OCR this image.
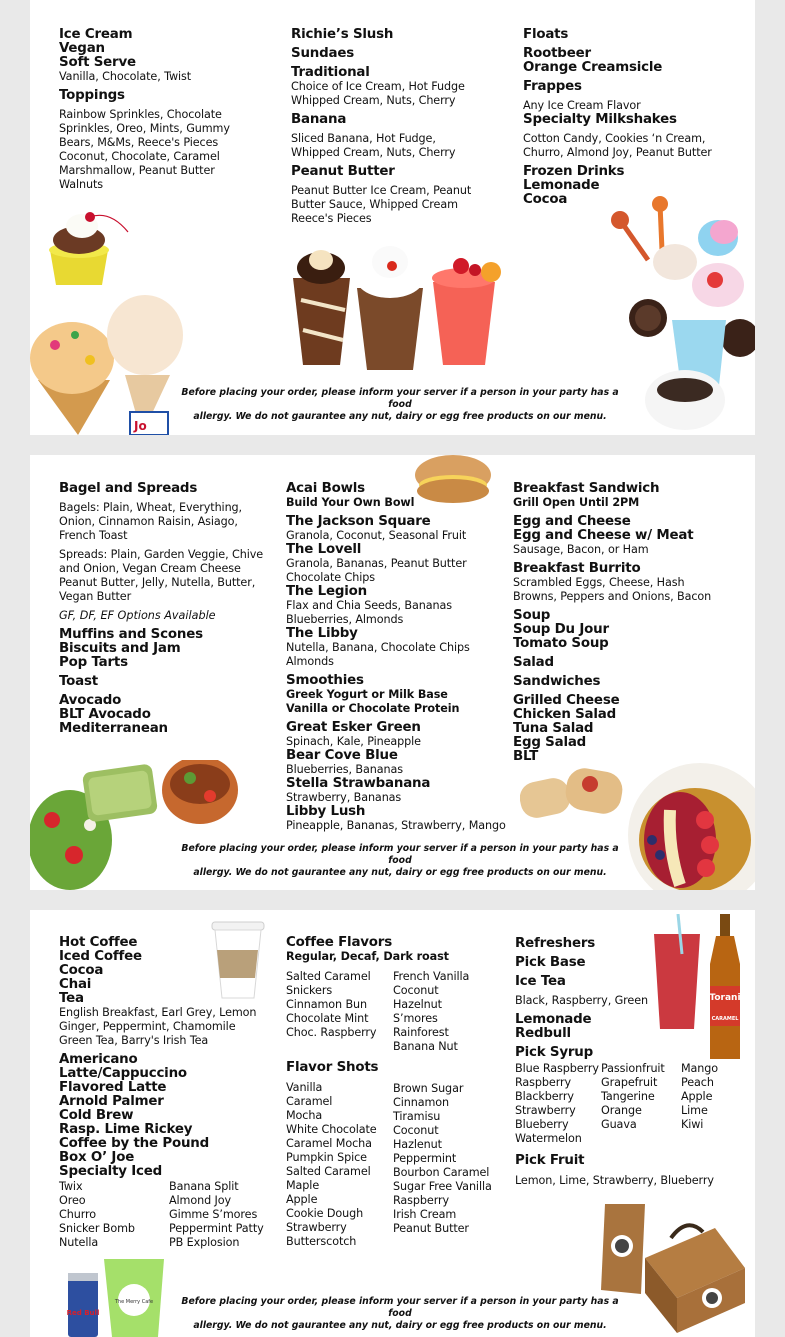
Ice Cream
Vegan
Soft Serve
Vanilla, Chocolate, Twist
Toppings
Rainbow Sprinkles, Chocolate
Sprinkles, Oreo, Mints, Gummy
Bears, M&Ms, Reece's Pieces
Coconut, Chocolate, Caramel
Marshmallow, Peanut Butter
Walnuts
Richie’s Slush
Sundaes
Traditional
Choice of Ice Cream, Hot Fudge
Whipped Cream, Nuts, Cherry
Banana
Sliced Banana, Hot Fudge,
Whipped Cream, Nuts, Cherry
Peanut Butter
Peanut Butter Ice Cream, Peanut
Butter Sauce, Whipped Cream
Reece's Pieces
Floats
Rootbeer
Orange Creamsicle
Frappes
Any Ice Cream Flavor
Specialty Milkshakes
Cotton Candy, Cookies ‘n Cream,
Churro, Almond Joy, Peanut Butter
Frozen Drinks
Lemonade
Cocoa
Jo
Before placing your order, please inform your server if a person in your party has a food
allergy. We do not gaurantee any nut, dairy or egg free products on our menu.
Bagel and Spreads
Bagels: Plain, Wheat, Everything,
Onion, Cinnamon Raisin, Asiago,
French Toast
Spreads: Plain, Garden Veggie, Chive
and Onion, Vegan Cream Cheese
Peanut Butter, Jelly, Nutella, Butter,
Vegan Butter
GF, DF, EF Options Available
Muffins and Scones
Biscuits and Jam
Pop Tarts
Toast
Avocado
BLT Avocado
Mediterranean
Acai Bowls
Build Your Own Bowl
The Jackson Square
Granola, Coconut, Seasonal Fruit
The Lovell
Granola, Bananas, Peanut Butter
Chocolate Chips
The Legion
Flax and Chia Seeds, Bananas
Blueberries, Almonds
The Libby
Nutella, Banana, Chocolate Chips
Almonds
Smoothies
Greek Yogurt or Milk Base
Vanilla or Chocolate Protein
Great Esker Green
Spinach, Kale, Pineapple
Bear Cove Blue
Blueberries, Bananas
Stella Strawbanana
Strawberry, Bananas
Libby Lush
Pineapple, Bananas, Strawberry, Mango
Breakfast Sandwich
Grill Open Until 2PM
Egg and Cheese
Egg and Cheese w/ Meat
Sausage, Bacon, or Ham
Breakfast Burrito
Scrambled Eggs, Cheese, Hash
Browns, Peppers and Onions, Bacon
Soup
Soup Du Jour
Tomato Soup
Salad
Sandwiches
Grilled Cheese
Chicken Salad
Tuna Salad
Egg Salad
BLT
Before placing your order, please inform your server if a person in your party has a food
allergy. We do not gaurantee any nut, dairy or egg free products on our menu.
Hot Coffee
Iced Coffee
Cocoa
Chai
Tea
English Breakfast, Earl Grey, Lemon
Ginger, Peppermint, Chamomile
Green Tea, Barry's Irish Tea
Americano
Latte/Cappuccino
Flavored Latte
Arnold Palmer
Cold Brew
Rasp. Lime Rickey
Coffee by the Pound
Box O’ Joe
Specialty Iced
Twix
Oreo
Churro
Snicker Bomb
Nutella
Banana Split
Almond Joy
Gimme S’mores
Peppermint Patty
PB Explosion
Coffee Flavors
Regular, Decaf, Dark roast
Salted Caramel
Snickers
Cinnamon Bun
Chocolate Mint
Choc. Raspberry
French Vanilla
Coconut
Hazelnut
S’mores
Rainforest
Banana Nut
Flavor Shots
Vanilla
Caramel
Mocha
White Chocolate
Caramel Mocha
Pumpkin Spice
Salted Caramel
Maple
Apple
Cookie Dough
Strawberry
Butterscotch
Brown Sugar
Cinnamon
Tiramisu
Coconut
Hazlenut
Peppermint
Bourbon Caramel
Sugar Free Vanilla
Raspberry
Irish Cream
Peanut Butter
Refreshers
Pick Base
Ice Tea
Black, Raspberry, Green
Lemonade
Redbull
Pick Syrup
Blue Raspberry
Raspberry
Blackberry
Strawberry
Blueberry
Watermelon
Passionfruit
Grapefruit
Tangerine
Orange
Guava
Mango
Peach
Apple
Lime
Kiwi
Pick Fruit
Lemon, Lime, Strawberry, Blueberry
Torani
CARAMEL
Red Bull
The Merry Cafe	Before placing your order, please inform your server if a person in your party has a food
allergy. We do not gaurantee any nut, dairy or egg free products on our menu.
